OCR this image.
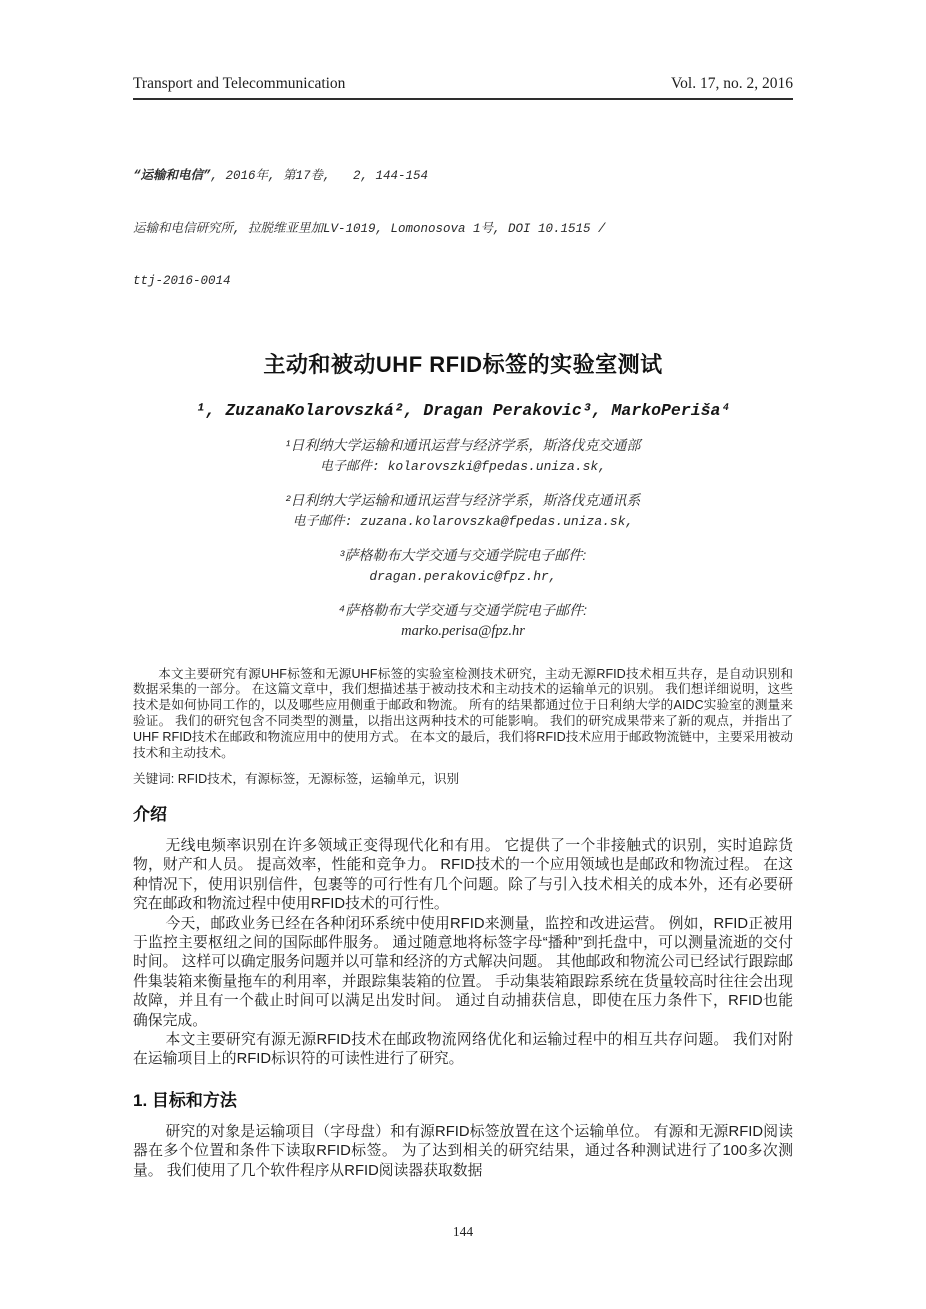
Transport and Telecommunication	Vol. 17, no. 2, 2016

“运输和电信”, 2016年, 第17卷,   2, 144-154

运输和电信研究所, 拉脱维亚里加LV-1019, Lomonosova 1号, DOI 10.1515 /

ttj-2016-0014

主动和被动UHF RFID标签的实验室测试
¹, ZuzanaKolarovszká², Dragan Perakovic³, MarkoPeriša⁴
¹日利纳大学运输和通讯运营与经济学系，斯洛伐克交通部
电子邮件: kolarovszki@fpedas.uniza.sk,
²日利纳大学运输和通讯运营与经济学系，斯洛伐克通讯系
电子邮件: zuzana.kolarovszka@fpedas.uniza.sk,
³萨格勒布大学交通与交通学院电子邮件:
dragan.perakovic@fpz.hr,
⁴萨格勒布大学交通与交通学院电子邮件:
marko.perisa@fpz.hr

本文主要研究有源UHF标签和无源UHF标签的实验室检测技术研究，主动无源RFID技术相互共存，是自动识别和数据采集的一部分。 在这篇文章中，我们想描述基于被动技术和主动技术的运输单元的识别。 我们想详细说明，这些技术是如何协同工作的，以及哪些应用侧重于邮政和物流。 所有的结果都通过位于日利纳大学的AIDC实验室的测量来验证。 我们的研究包含不同类型的测量，以指出这两种技术的可能影响。 我们的研究成果带来了新的观点，并指出了UHF RFID技术在邮政和物流应用中的使用方式。 在本文的最后，我们将RFID技术应用于邮政物流链中，主要采用被动技术和主动技术。

关键词: RFID技术，有源标签，无源标签，运输单元，识别

介绍

无线电频率识别在许多领域正变得现代化和有用。 它提供了一个非接触式的识别，实时追踪货物，财产和人员。 提高效率，性能和竞争力。 RFID技术的一个应用领域也是邮政和物流过程。 在这种情况下，使用识别信件，包裹等的可行性有几个问题。除了与引入技术相关的成本外，还有必要研究在邮政和物流过程中使用RFID技术的可行性。

今天，邮政业务已经在各种闭环系统中使用RFID来测量，监控和改进运营。 例如，RFID正被用于监控主要枢纽之间的国际邮件服务。 通过随意地将标签字母“播种”到托盘中，可以测量流逝的交付时间。 这样可以确定服务问题并以可靠和经济的方式解决问题。 其他邮政和物流公司已经试行跟踪邮件集装箱来衡量拖车的利用率，并跟踪集装箱的位置。 手动集装箱跟踪系统在货量较高时往往会出现故障，并且有一个截止时间可以满足出发时间。 通过自动捕获信息，即使在压力条件下，RFID也能确保完成。

本文主要研究有源无源RFID技术在邮政物流网络优化和运输过程中的相互共存问题。 我们对附在运输项目上的RFID标识符的可读性进行了研究。

1. 目标和方法

研究的对象是运输项目（字母盘）和有源RFID标签放置在这个运输单位。 有源和无源RFID阅读器在多个位置和条件下读取RFID标签。 为了达到相关的研究结果，通过各种测试进行了100多次测量。 我们使用了几个软件程序从RFID阅读器获取数据

144
